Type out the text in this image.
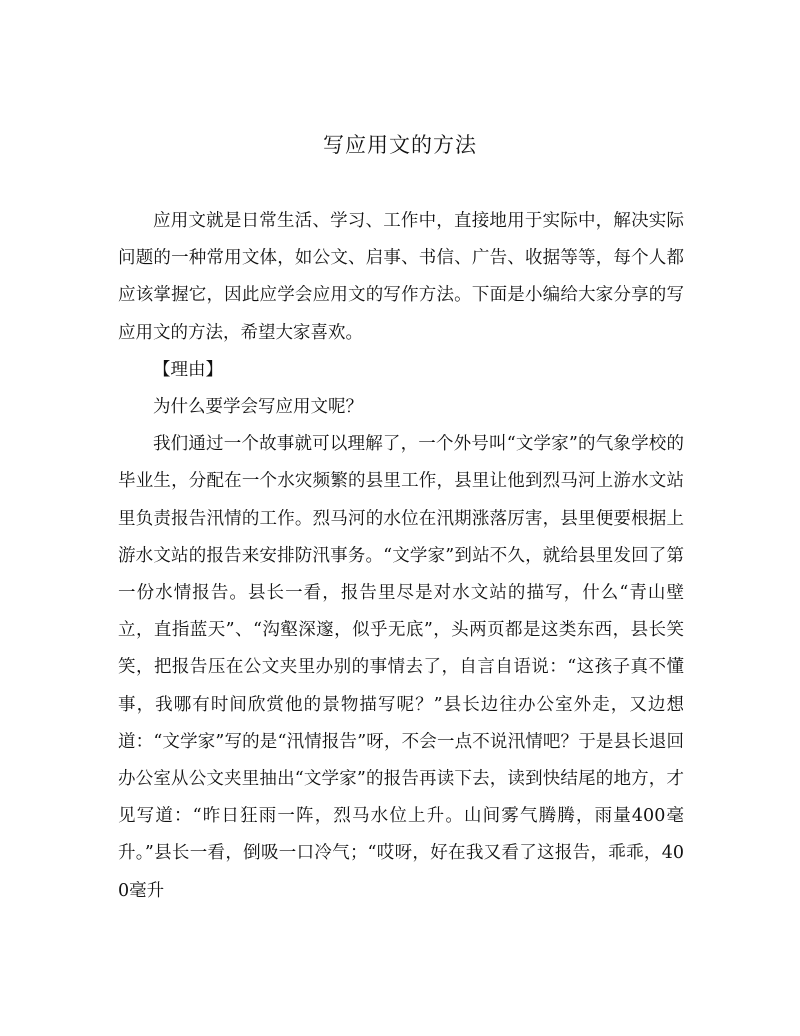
写应用文的方法

应用文就是日常生活、学习、工作中，直接地用于实际中，解决实际问题的一种常用文体，如公文、启事、书信、广告、收据等等，每个人都应该掌握它，因此应学会应用文的写作方法。下面是小编给大家分享的写应用文的方法，希望大家喜欢。

【理由】

为什么要学会写应用文呢？

我们通过一个故事就可以理解了，一个外号叫“文学家”的气象学校的毕业生，分配在一个水灾频繁的县里工作，县里让他到烈马河上游水文站里负责报告汛情的工作。烈马河的水位在汛期涨落厉害，县里便要根据上游水文站的报告来安排防汛事务。“文学家”到站不久，就给县里发回了第一份水情报告。县长一看，报告里尽是对水文站的描写，什么“青山壁立，直指蓝天”、“沟壑深邃，似乎无底”，头两页都是这类东西，县长笑笑，把报告压在公文夹里办别的事情去了，自言自语说：“这孩子真不懂事，我哪有时间欣赏他的景物描写呢？”县长边往办公室外走，又边想道：“文学家”写的是“汛情报告”呀，不会一点不说汛情吧？于是县长退回办公室从公文夹里抽出“文学家”的报告再读下去，读到快结尾的地方，才见写道：“昨日狂雨一阵，烈马水位上升。山间雾气腾腾，雨量400毫升。”县长一看，倒吸一口冷气；“哎呀，好在我又看了这报告，乖乖，400毫升
